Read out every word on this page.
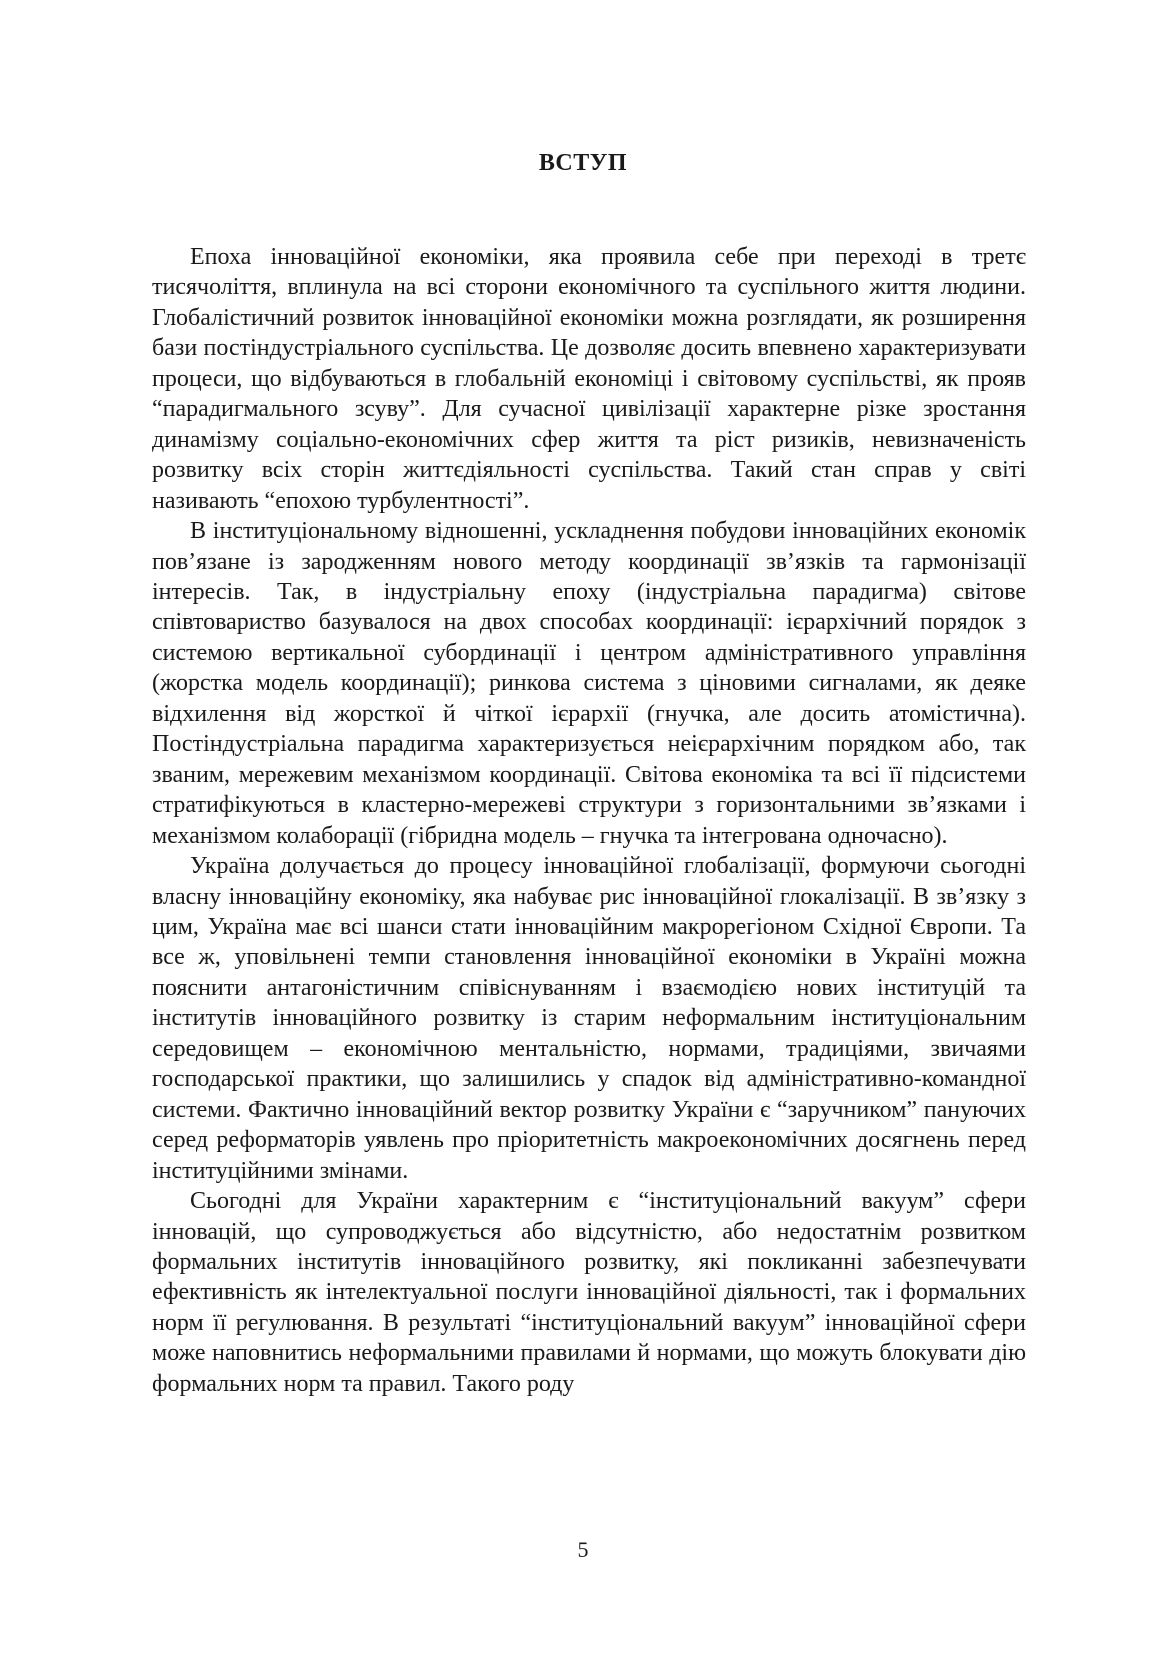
ВСТУП

Епоха інноваційної економіки, яка проявила себе при переході в третє тисячоліття, вплинула на всі сторони економічного та суспільного життя людини. Глобалістичний розвиток інноваційної економіки можна розглядати, як розширення бази постіндустріального суспільства. Це дозволяє досить впевнено характеризувати процеси, що відбуваються в глобальній економіці і світовому суспільстві, як прояв “парадигмального зсуву”. Для сучасної цивілізації характерне різке зростання динамізму соціально-економічних сфер життя та ріст ризиків, невизначеність розвитку всіх сторін життєдіяльності суспільства. Такий стан справ у світі називають “епохою турбулентності”.

В інституціональному відношенні, ускладнення побудови інноваційних економік пов’язане із зародженням нового методу координації зв’язків та гармонізації інтересів. Так, в індустріальну епоху (індустріальна парадигма) світове співтовариство базувалося на двох способах координації: ієрархічний порядок з системою вертикальної субординації і центром адміністративного управління (жорстка модель координації); ринкова система з ціновими сигналами, як деяке відхилення від жорсткої й чіткої ієрархії (гнучка, але досить атомістична). Постіндустріальна парадигма характеризується неієрархічним порядком або, так званим, мережевим механізмом координації. Світова економіка та всі її підсистеми стратифікуються в кластерно-мережеві структури з горизонтальними зв’язками і механізмом колаборації (гібридна модель – гнучка та інтегрована одночасно).

Україна долучається до процесу інноваційної глобалізації, формуючи сьогодні власну інноваційну економіку, яка набуває рис інноваційної глокалізації. В зв’язку з цим, Україна має всі шанси стати інноваційним макрорегіоном Східної Європи. Та все ж, уповільнені темпи становлення інноваційної економіки в Україні можна пояснити антагоністичним співіснуванням і взаємодією нових інституцій та інститутів інноваційного розвитку із старим неформальним інституціональним середовищем – економічною ментальністю, нормами, традиціями, звичаями господарської практики, що залишились у спадок від адміністративно-командної системи. Фактично інноваційний вектор розвитку України є “заручником” пануючих серед реформаторів уявлень про пріоритетність макроекономічних досягнень перед інституційними змінами.

Сьогодні для України характерним є “інституціональний вакуум” сфери інновацій, що супроводжується або відсутністю, або недостатнім розвитком формальних інститутів інноваційного розвитку, які покликанні забезпечувати ефективність як інтелектуальної послуги інноваційної діяльності, так і формальних норм її регулювання. В результаті “інституціональний вакуум” інноваційної сфери може наповнитись неформальними правилами й нормами, що можуть блокувати дію формальних норм та правил. Такого роду

5
